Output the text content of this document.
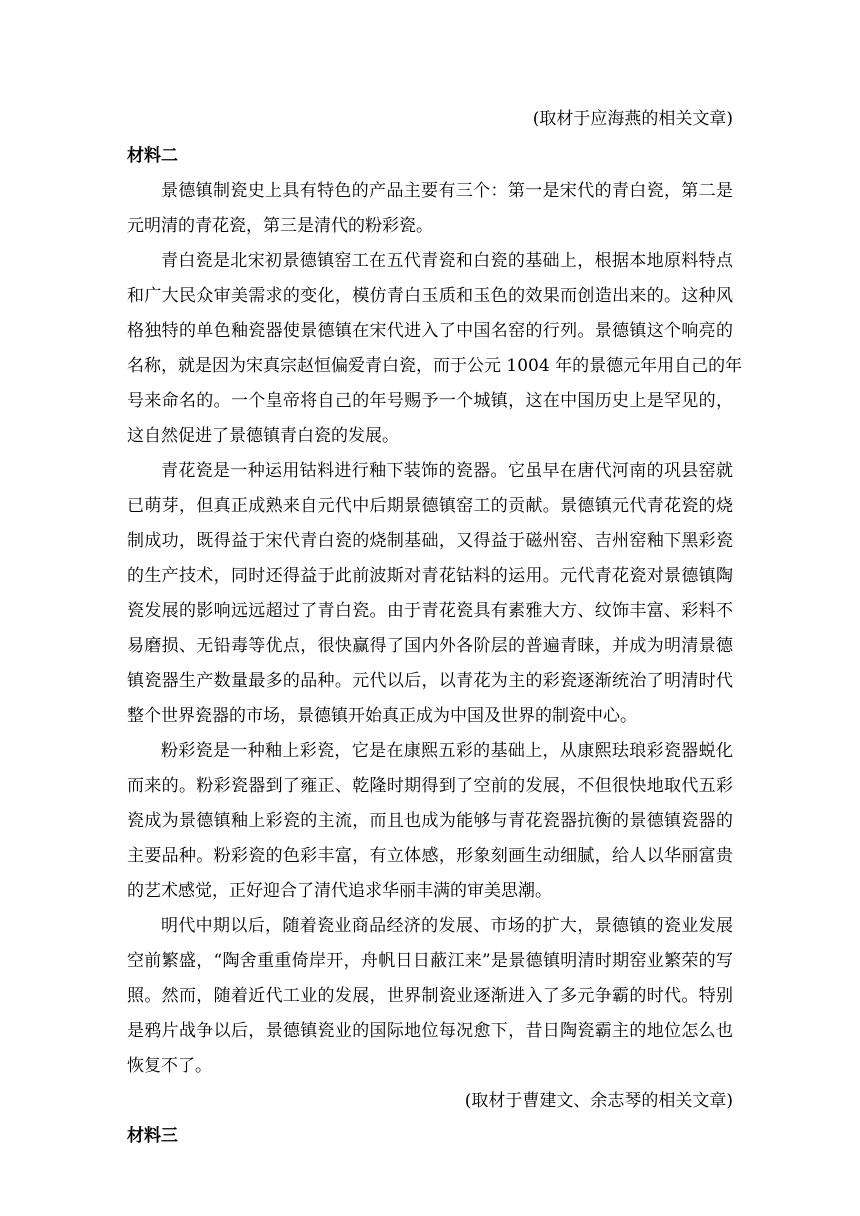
(取材于应海燕的相关文章)
材料二
景德镇制瓷史上具有特色的产品主要有三个：第一是宋代的青白瓷，第二是
元明清的青花瓷，第三是清代的粉彩瓷。
青白瓷是北宋初景德镇窑工在五代青瓷和白瓷的基础上，根据本地原料特点
和广大民众审美需求的变化，模仿青白玉质和玉色的效果而创造出来的。这种风
格独特的单色釉瓷器使景德镇在宋代进入了中国名窑的行列。景德镇这个响亮的
名称，就是因为宋真宗赵恒偏爱青白瓷，而于公元 1004 年的景德元年用自己的年
号来命名的。一个皇帝将自己的年号赐予一个城镇，这在中国历史上是罕见的，
这自然促进了景德镇青白瓷的发展。
青花瓷是一种运用钴料进行釉下装饰的瓷器。它虽早在唐代河南的巩县窑就
已萌芽，但真正成熟来自元代中后期景德镇窑工的贡献。景德镇元代青花瓷的烧
制成功，既得益于宋代青白瓷的烧制基础，又得益于磁州窑、吉州窑釉下黑彩瓷
的生产技术，同时还得益于此前波斯对青花钴料的运用。元代青花瓷对景德镇陶
瓷发展的影响远远超过了青白瓷。由于青花瓷具有素雅大方、纹饰丰富、彩料不
易磨损、无铅毒等优点，很快赢得了国内外各阶层的普遍青睐，并成为明清景德
镇瓷器生产数量最多的品种。元代以后，以青花为主的彩瓷逐渐统治了明清时代
整个世界瓷器的市场，景德镇开始真正成为中国及世界的制瓷中心。
粉彩瓷是一种釉上彩瓷，它是在康熙五彩的基础上，从康熙珐琅彩瓷器蜕化
而来的。粉彩瓷器到了雍正、乾隆时期得到了空前的发展，不但很快地取代五彩
瓷成为景德镇釉上彩瓷的主流，而且也成为能够与青花瓷器抗衡的景德镇瓷器的
主要品种。粉彩瓷的色彩丰富，有立体感，形象刻画生动细腻，给人以华丽富贵
的艺术感觉，正好迎合了清代追求华丽丰满的审美思潮。
明代中期以后，随着瓷业商品经济的发展、市场的扩大，景德镇的瓷业发展
空前繁盛，“陶舍重重倚岸开，舟帆日日蔽江来”是景德镇明清时期窑业繁荣的写
照。然而，随着近代工业的发展，世界制瓷业逐渐进入了多元争霸的时代。特别
是鸦片战争以后，景德镇瓷业的国际地位每况愈下，昔日陶瓷霸主的地位怎么也
恢复不了。
(取材于曹建文、余志琴的相关文章)
材料三
